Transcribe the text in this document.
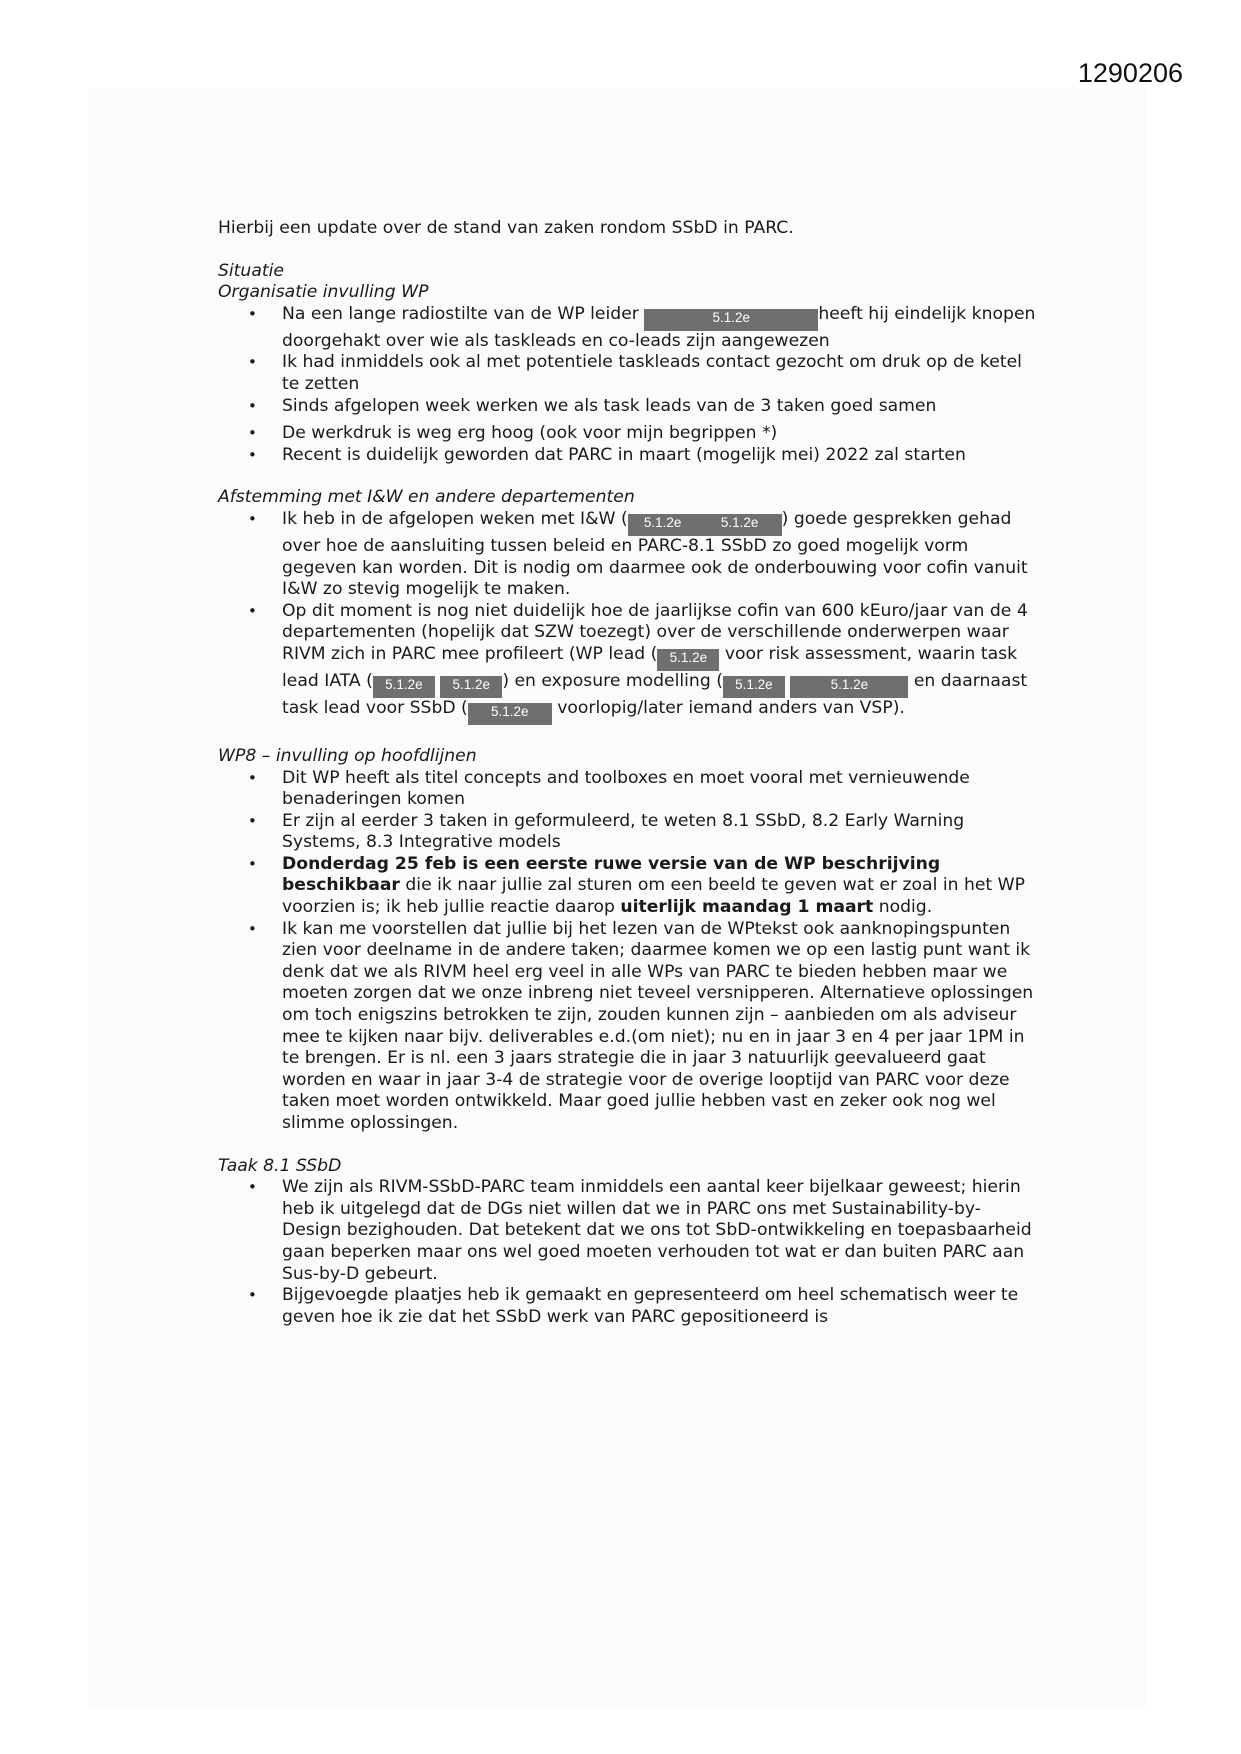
1290206

Hierbij een update over de stand van zaken rondom SSbD in PARC.

Situatie

Organisatie invulling WP

• Na een lange radiostilte van de WP leider	5.1.2e	heeft hij eindelijk knopen doorgehakt over wie als taskleads en co-leads zijn aangewezen
• Ik had inmiddels ook al met potentiele taskleads contact gezocht om druk op de ketel te zetten
• Sinds afgelopen week werken we als task leads van de 3 taken goed samen
• De werkdruk is weg erg hoog (ook voor mijn begrippen *)
• Recent is duidelijk geworden dat PARC in maart (mogelijk mei) 2022 zal starten

Afstemming met I&W en andere departementen

• Ik heb in de afgelopen weken met I&W ( 5.1.2e	5.1.2e ) goede gesprekken gehad over hoe de aansluiting tussen beleid en PARC-8.1 SSbD zo goed mogelijk vorm gegeven kan worden. Dit is nodig om daarmee ook de onderbouwing voor cofin vanuit I&W zo stevig mogelijk te maken.
• Op dit moment is nog niet duidelijk hoe de jaarlijkse cofin van 600 kEuro/jaar van de 4 departementen (hopelijk dat SZW toezegt) over de verschillende onderwerpen waar RIVM zich in PARC mee profileert (WP lead ( 5.1.2e voor risk assessment, waarin task lead IATA ( 5.1.2e 5.1.2e ) en exposure modelling ( 5.1.2e	5.1.2e en daarnaast task lead voor SSbD ( 5.1.2e voorlopig/later iemand anders van VSP).

WP8 – invulling op hoofdlijnen

• Dit WP heeft als titel concepts and toolboxes en moet vooral met vernieuwende benaderingen komen
• Er zijn al eerder 3 taken in geformuleerd, te weten 8.1 SSbD, 8.2 Early Warning Systems, 8.3 Integrative models
• Donderdag 25 feb is een eerste ruwe versie van de WP beschrijving beschikbaar die ik naar jullie zal sturen om een beeld te geven wat er zoal in het WP voorzien is; ik heb jullie reactie daarop uiterlijk maandag 1 maart nodig.
• Ik kan me voorstellen dat jullie bij het lezen van de WPtekst ook aanknopingspunten zien voor deelname in de andere taken; daarmee komen we op een lastig punt want ik denk dat we als RIVM heel erg veel in alle WPs van PARC te bieden hebben maar we moeten zorgen dat we onze inbreng niet teveel versnipperen. Alternatieve oplossingen om toch enigszins betrokken te zijn, zouden kunnen zijn – aanbieden om als adviseur mee te kijken naar bijv. deliverables e.d.(om niet); nu en in jaar 3 en 4 per jaar 1PM in te brengen. Er is nl. een 3 jaars strategie die in jaar 3 natuurlijk geevalueerd gaat worden en waar in jaar 3-4 de strategie voor de overige looptijd van PARC voor deze taken moet worden ontwikkeld. Maar goed jullie hebben vast en zeker ook nog wel slimme oplossingen.

Taak 8.1 SSbD

• We zijn als RIVM-SSbD-PARC team inmiddels een aantal keer bijelkaar geweest; hierin heb ik uitgelegd dat de DGs niet willen dat we in PARC ons met Sustainability-by-Design bezighouden. Dat betekent dat we ons tot SbD-ontwikkeling en toepasbaarheid gaan beperken maar ons wel goed moeten verhouden tot wat er dan buiten PARC aan Sus-by-D gebeurt.
• Bijgevoegde plaatjes heb ik gemaakt en gepresenteerd om heel schematisch weer te geven hoe ik zie dat het SSbD werk van PARC gepositioneerd is
